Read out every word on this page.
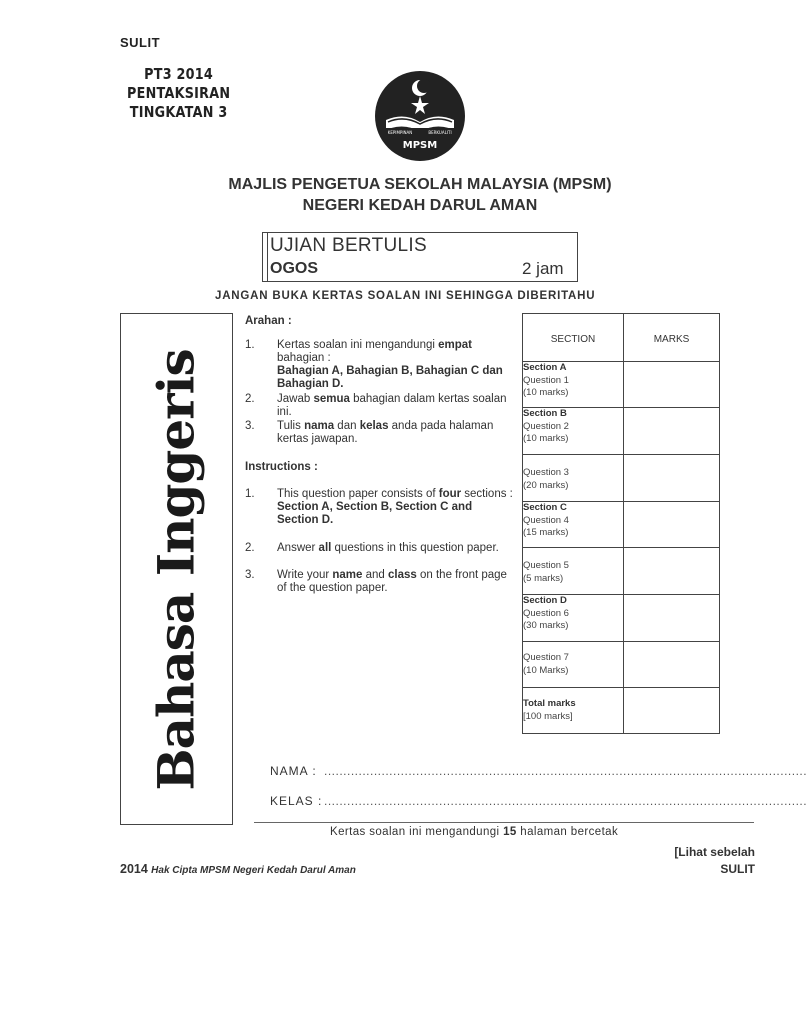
SULIT
PT3 2014
PENTAKSIRAN
TINGKATAN 3
KEPIMPINAN	BERKUALITI
MPSM
MAJLIS PENGETUA SEKOLAH MALAYSIA (MPSM)
NEGERI KEDAH DARUL AMAN
UJIAN BERTULIS
OGOS	2 jam
JANGAN BUKA KERTAS SOALAN INI SEHINGGA DIBERITAHU
Bahasa Inggeris
Arahan :
1. Kertas soalan ini mengandungi empat bahagian :
Bahagian A, Bahagian B, Bahagian C dan Bahagian D.
2. Jawab semua bahagian dalam kertas soalan ini.
3. Tulis nama dan kelas anda pada halaman kertas jawapan.
Instructions :
1. This question paper consists of four sections :
Section A, Section B, Section C and Section D.
2. Answer all questions in this question paper.
3. Write your name and class on the front page of the question paper.
SECTION	MARKS

Section A
Question 1
(10 marks)	

Section B
Question 2
(10 marks)	

Question 3
(20 marks)	

Section C
Question 4
(15 marks)	

Question 5
(5 marks)	

Section D
Question 6
(30 marks)	

Question 7
(10 Marks)	

Total marks
[100 marks]	

NAMA : ..............................................................................................................................
KELAS : ..............................................................................................................................
Kertas soalan ini mengandungi 15 halaman bercetak
2014 Hak Cipta MPSM Negeri Kedah Darul Aman
[Lihat sebelah
SULIT
